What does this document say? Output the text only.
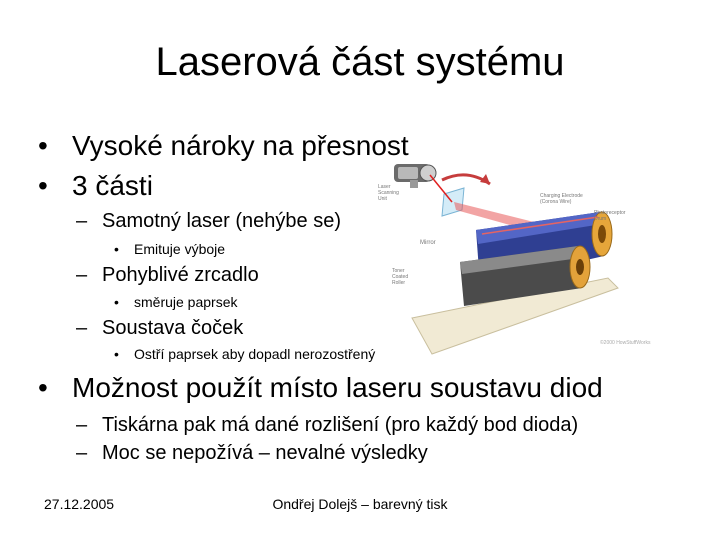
Laserová část systému
• Vysoké nároky na přesnost
• 3 části
– Samotný laser (nehýbe se)
• Emituje výboje
– Pohyblivé zrcadlo
• směruje paprsek
– Soustava čoček
• Ostří paprsek aby dopadl nerozostřený
• Možnost použít místo laseru soustavu diod
– Tiskárna pak má dané rozlišení (pro každý bod dioda)
– Moc se nepožívá – nevalné výsledky
Laser Scanning Unit
Mirror
Charging Electrode (Corona Wire)
Photoreceptor Drum
Toner Coated Roller
©2000 HowStuffWorks
27.12.2005	Ondřej Dolejš – barevný tisk
